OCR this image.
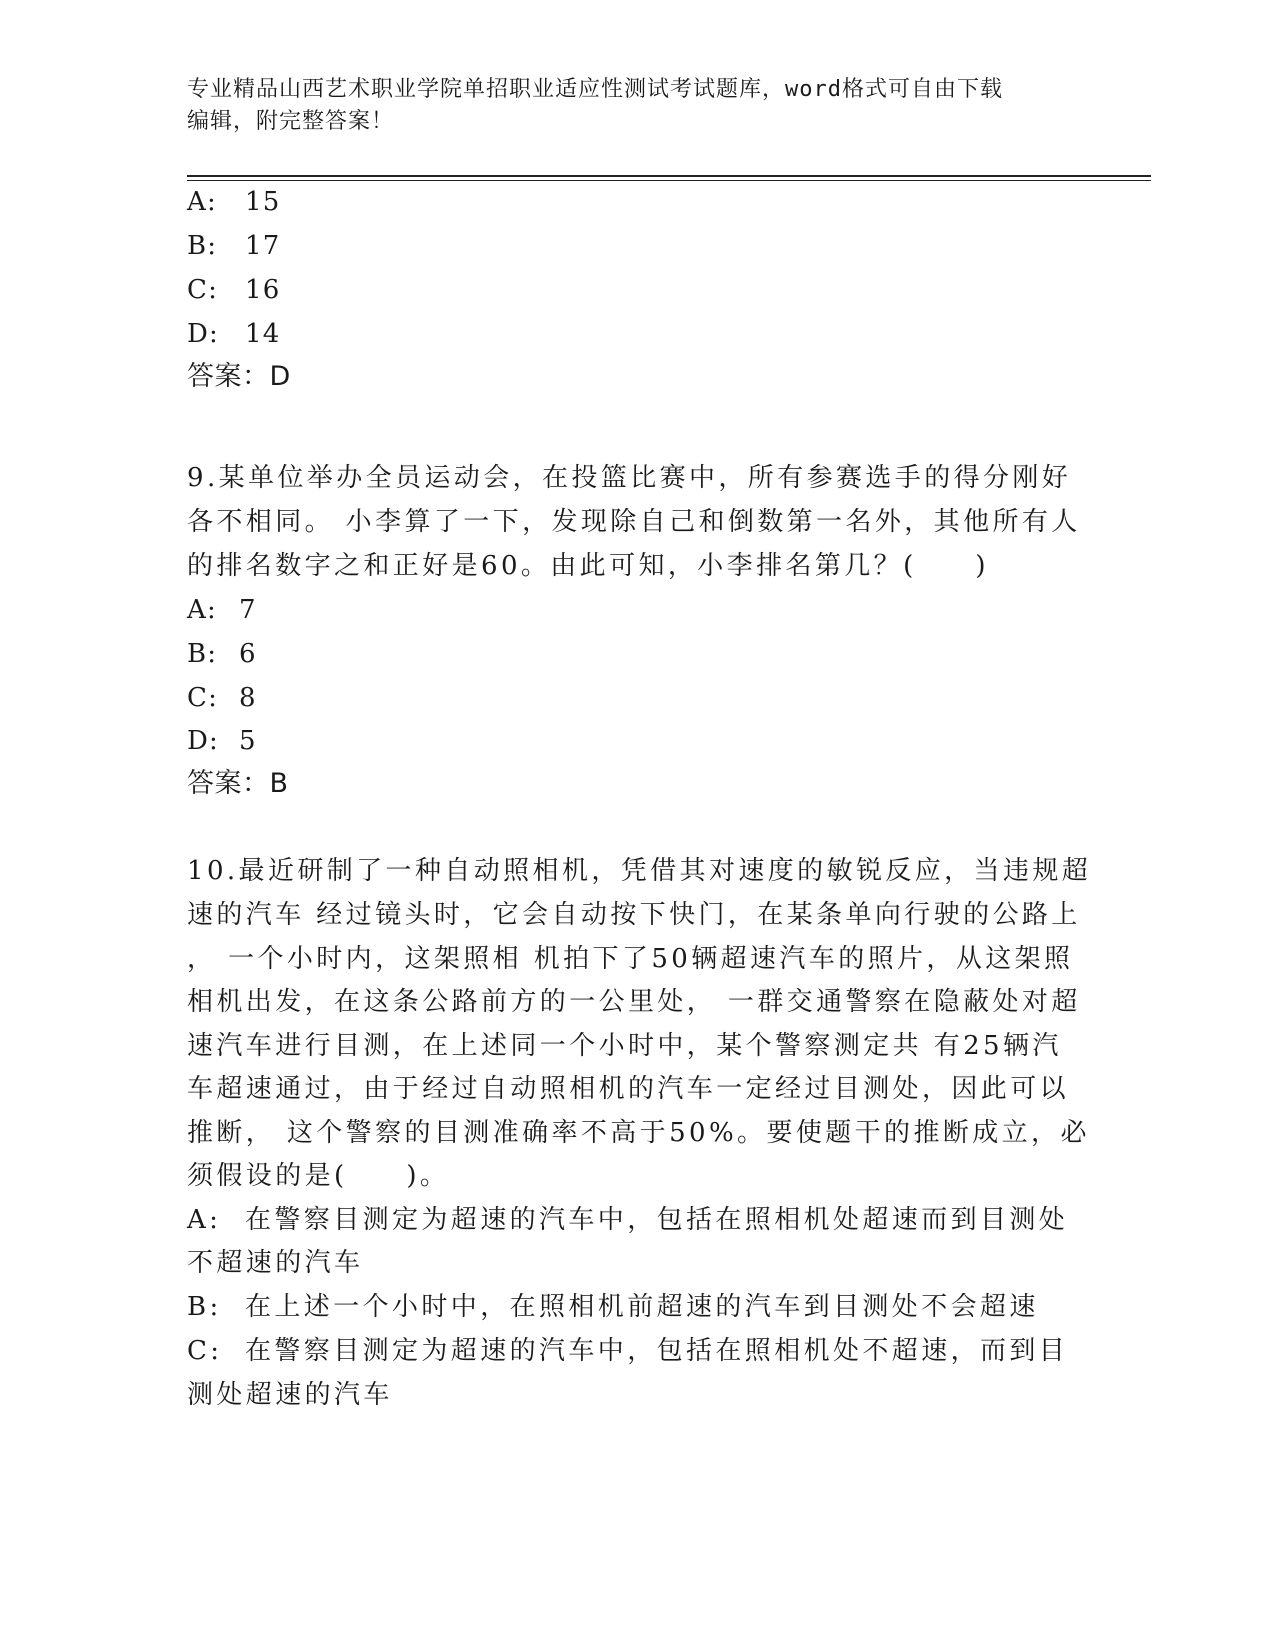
专业精品山西艺术职业学院单招职业适应性测试考试题库，word格式可自由下载
编辑，附完整答案！
A: 15
B: 17
C: 16
D: 14
答案：D
9.某单位举办全员运动会，在投篮比赛中，所有参赛选手的得分刚好
各不相同。 小李算了一下，发现除自己和倒数第一名外，其他所有人
的排名数字之和正好是60。由此可知，小李排名第几？(　　)
A: 7
B: 6
C: 8
D: 5
答案：B
10.最近研制了一种自动照相机，凭借其对速度的敏锐反应，当违规超
速的汽车 经过镜头时，它会自动按下快门，在某条单向行驶的公路上
， 一个小时内，这架照相 机拍下了50辆超速汽车的照片，从这架照
相机出发，在这条公路前方的一公里处， 一群交通警察在隐蔽处对超
速汽车进行目测，在上述同一个小时中，某个警察测定共 有25辆汽
车超速通过，由于经过自动照相机的汽车一定经过目测处，因此可以
推断， 这个警察的目测准确率不高于50%。要使题干的推断成立，必
须假设的是(　　)。
A: 在警察目测定为超速的汽车中，包括在照相机处超速而到目测处
不超速的汽车
B: 在上述一个小时中，在照相机前超速的汽车到目测处不会超速
C: 在警察目测定为超速的汽车中，包括在照相机处不超速，而到目
测处超速的汽车
